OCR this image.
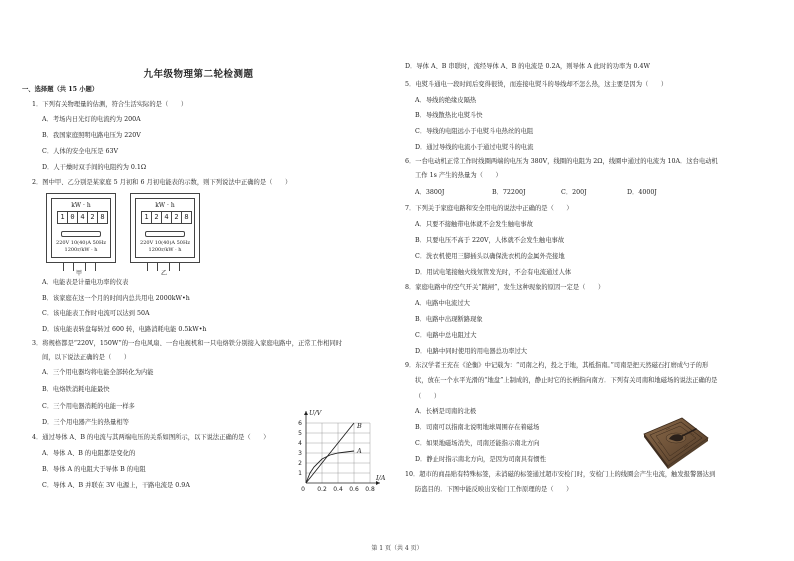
九年级物理第二轮检测题
一、选择题（共 15 小题）
1．下列有关物理量的估测，符合生活实际的是（　　）
A．考场内日光灯的电流约为 200A
B．我国家庭照明电路电压为 220V
C．人体的安全电压是 63V
D．人干燥时双手间的电阻约为 0.1Ω
2．图中甲、乙分别是某家庭 5 月初和 6 月初电能表的示数，则下列说法中正确的是（　　）
kW · h
1 0 4 2 8
220V 10(40)A 50Hz
1200r/kW · h
甲
kW · h
1 2 4 2 8
220V 10(40)A 50Hz
1200r/kW · h
乙
A．电能表是计量电功率的仪表
B．该家庭在这一个月的时间内总共用电 2000kW•h
C．该电能表工作时电流可以达到 50A
D．该电能表转盘每转过 600 转，电路消耗电能 0.5kW•h
3．将规格都是“220V，150W”的一台电风扇、一台电视机和一只电烙铁分别接入家庭电路中，正常工作相同时
间，以下说法正确的是（　　）
A．三个用电器均将电能全部转化为内能
B．电烙铁消耗电能最快
C．三个用电器消耗的电能一样多
D．三个用电器产生的热量相等
4．通过导体 A、B 的电流与其两端电压的关系如图所示，以下说法正确的是（　　）
A．导体 A、B 的电阻都是变化的
B．导体 A 的电阻大于导体 B 的电阻
C．导体 A、B 并联在 3V 电源上，干路电流是 0.9A
0 0.2 0.4 0.6 0.8
1
2
3
4
5
6
U/V
I/A
B
A
D．导体 A、B 串联时，流经导体 A、B 的电流是 0.2A，则导体 A 此时的功率为 0.4W
5．电熨斗通电一段时间后变得很烫，而连接电熨斗的导线却不怎么热，这主要是因为（　　）
A．导线的绝缘皮隔热
B．导线散热比电熨斗快
C．导线的电阻远小于电熨斗电热丝的电阻
D．通过导线的电流小于通过电熨斗的电流
6．一台电动机正常工作时线圈两端的电压为 380V，线圈的电阻为 2Ω，线圈中通过的电流为 10A．这台电动机
工作 1s 产生的热量为（　　）
A．3800J	B．72200J	C．200J	D．4000J
7．下列关于家庭电路和安全用电的说法中正确的是（　　）
A．只要不接触带电体就不会发生触电事故
B．只要电压不高于 220V，人体就不会发生触电事故
C．洗衣机使用三脚插头以确保洗衣机的金属外壳接地
D．用试电笔接触火线氖管发光时，不会有电流通过人体
8．家庭电路中的空气开关“跳闸”，发生这种现象的原因一定是（　　）
A．电路中电流过大
B．电路中出现断路现象
C．电路中总电阻过大
D．电路中同时使用的用电器总功率过大
9．东汉学者王充在《论衡》中记载为：“司南之杓，投之于地，其柢指南。”司南是把天然磁石打磨成勺子的形
状，放在一个水平光滑的“地盘”上制成的，静止时它的长柄指向南方．下列有关司南和地磁场的说法正确的是
（　　）
A．长柄是司南的北极
B．司南可以指南北说明地球周围存在着磁场
C．如果地磁场消失，司南还能指示南北方向
D．静止时指示南北方向，是因为司南具有惯性
10．超市的商品贴有特殊标签，未消磁的标签通过超市安检门时，安检门上的线圈会产生电流，触发报警器达到
防盗目的．下图中能反映出安检门工作原理的是（　　）
第 1 页（共 4 页）
